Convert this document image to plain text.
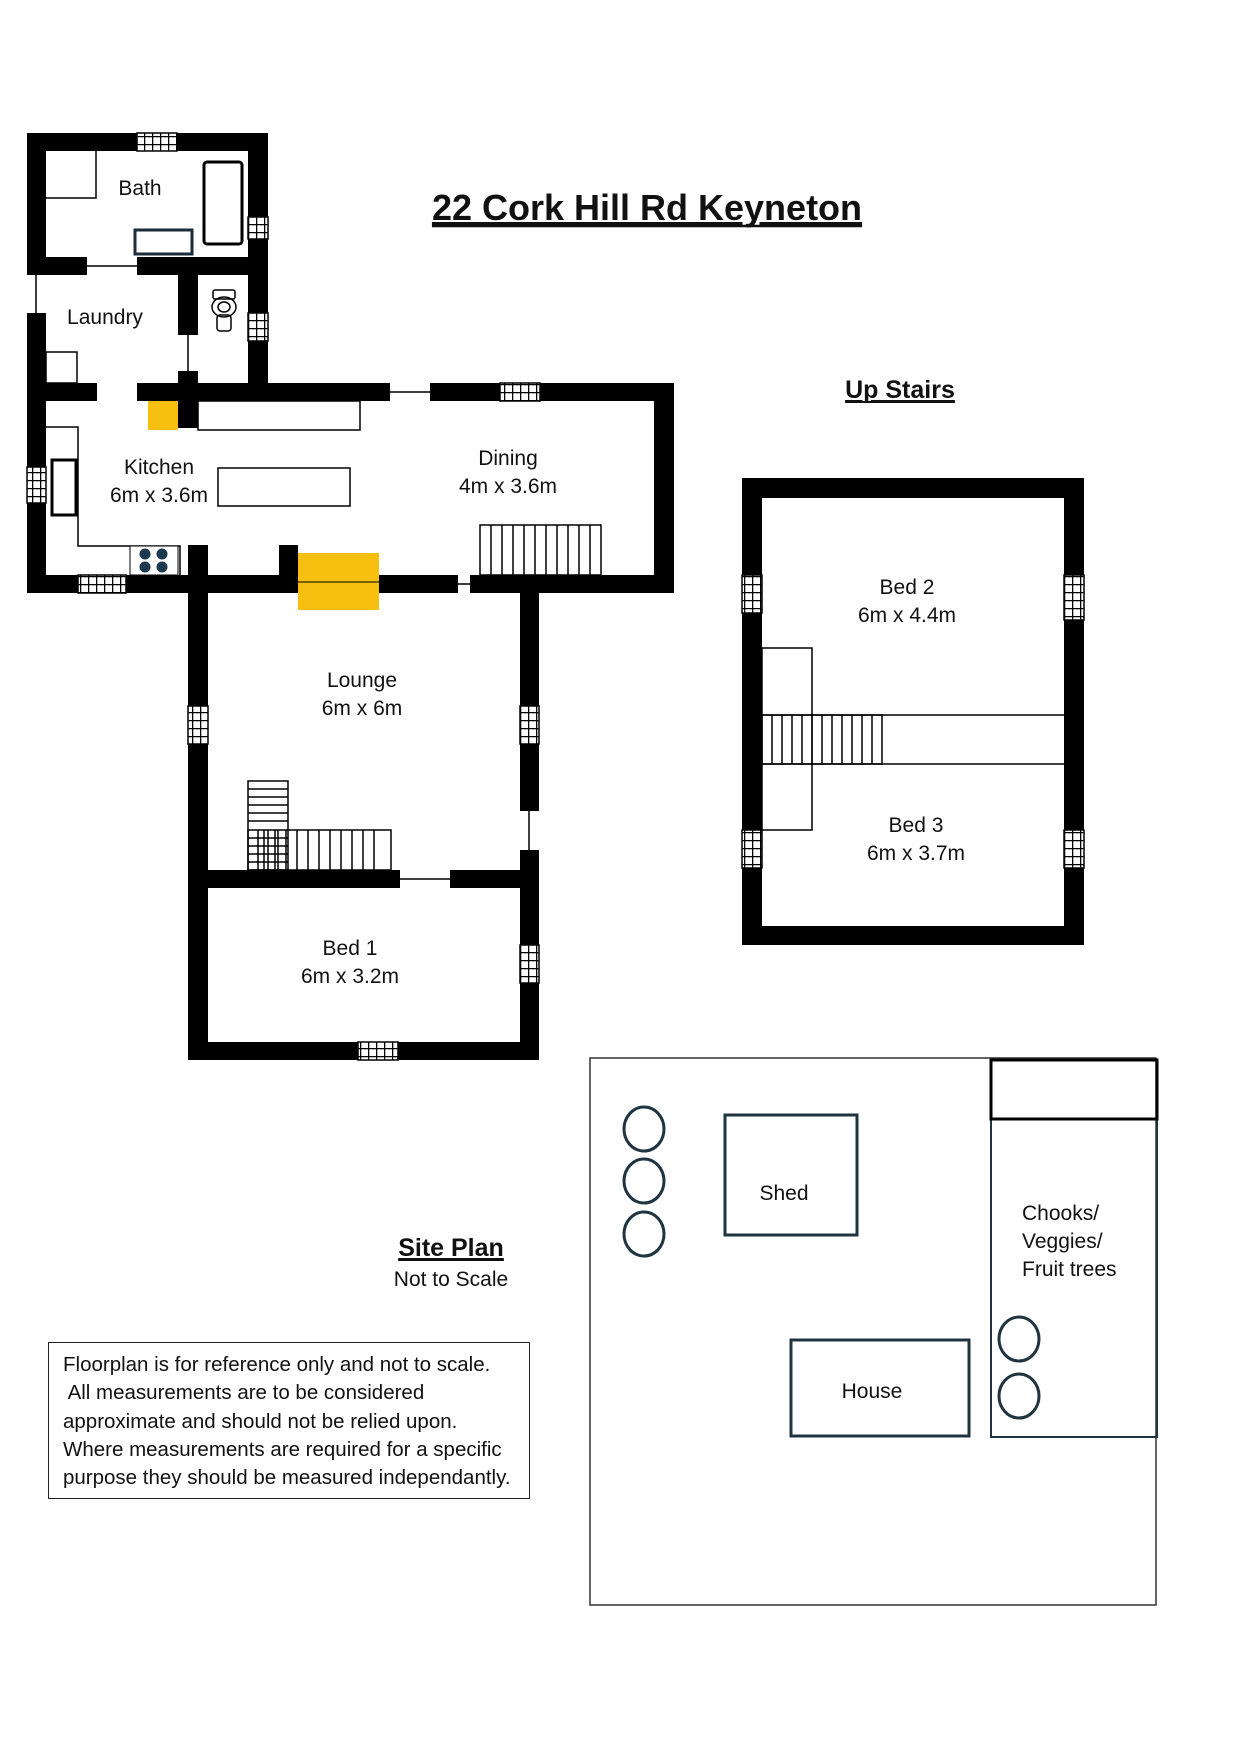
22 Cork Hill Rd Keyneton
Bath
Laundry
Kitchen
6m x 3.6m
Dining
4m x 3.6m
Lounge
6m x 6m
Bed 1
6m x 3.2m
Up Stairs
Bed 2
6m x 4.4m
Bed 3
6m x 3.7m
Site Plan
Not to Scale
Shed
House
Chooks/
Veggies/
Fruit trees
Floorplan is for reference only and not to scale.
All measurements are to be considered
approximate and should not be relied upon.
Where measurements are required for a specific
purpose they should be measured independantly.
